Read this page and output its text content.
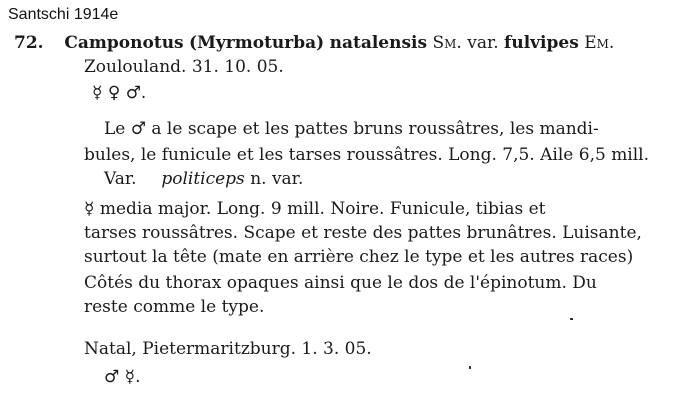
Santschi 1914e
72. Camponotus (Myrmoturba) natalensis Sm. var. fulvipes Em.
Zoulouland. 31. 10. 05.
☿ ♀ ♂.
Le ♂ a le scape et les pattes bruns roussâtres, les mandi-
bules, le funicule et les tarses roussâtres. Long. 7,5. Aile 6,5 mill.
Var. politiceps n. var.
☿ media major. Long. 9 mill. Noire. Funicule, tibias et
tarses roussâtres. Scape et reste des pattes brunâtres. Luisante,
surtout la tête (mate en arrière chez le type et les autres races)
Côtés du thorax opaques ainsi que le dos de l'épinotum. Du
reste comme le type.
Natal, Pietermaritzburg. 1. 3. 05.
♂ ☿.
